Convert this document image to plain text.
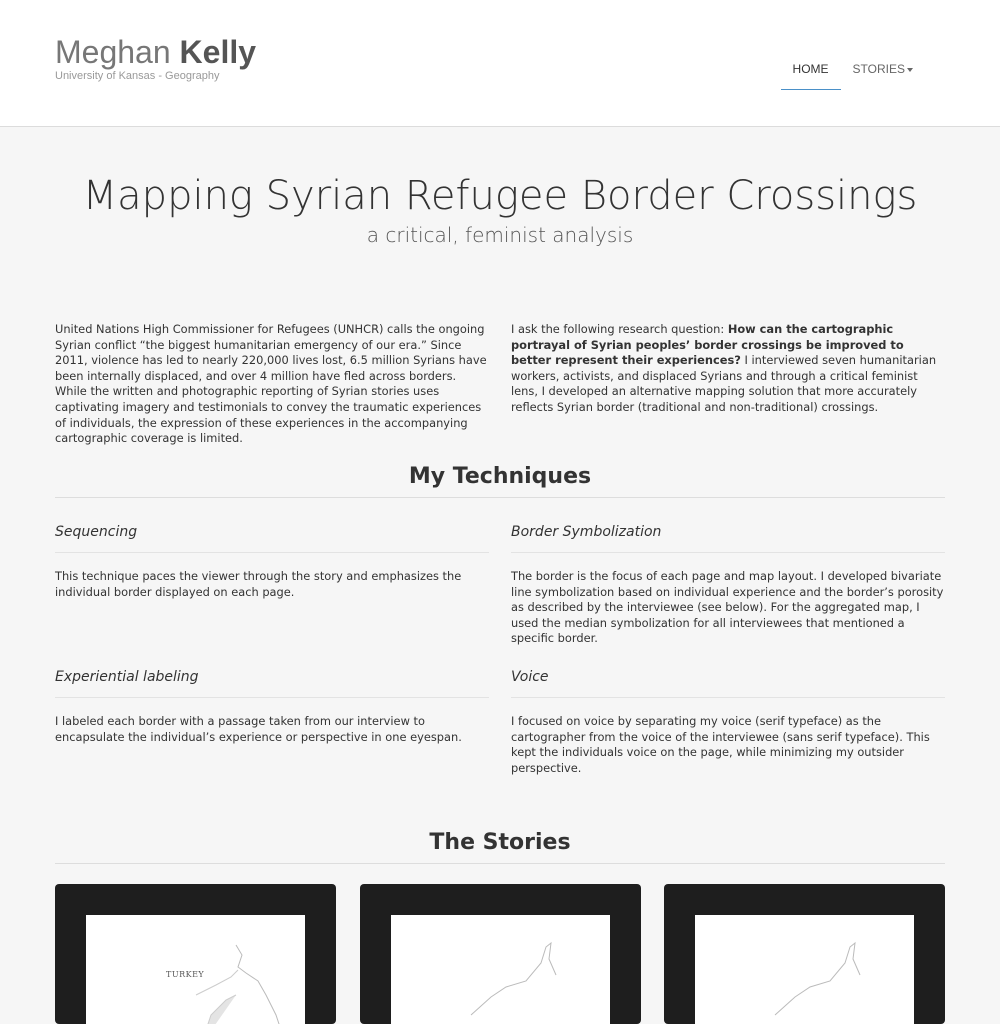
Meghan Kelly
University of Kansas - Geography	HOME	STORIES
Mapping Syrian Refugee Border Crossings
a critical, feminist analysis
United Nations High Commissioner for Refugees (UNHCR) calls the ongoing Syrian conflict “the biggest humanitarian emergency of our era.” Since 2011, violence has led to nearly 220,000 lives lost, 6.5 million Syrians have been internally displaced, and over 4 million have fled across borders. While the written and photographic reporting of Syrian stories uses captivating imagery and testimonials to convey the traumatic experiences of individuals, the expression of these experiences in the accompanying cartographic coverage is limited.
I ask the following research question: How can the cartographic portrayal of Syrian peoples’ border crossings be improved to better represent their experiences? I interviewed seven humanitarian workers, activists, and displaced Syrians and through a critical feminist lens, I developed an alternative mapping solution that more accurately reflects Syrian border (traditional and non-traditional) crossings.
My Techniques
Sequencing

This technique paces the viewer through the story and emphasizes the individual border displayed on each page.

Border Symbolization

The border is the focus of each page and map layout. I developed bivariate line symbolization based on individual experience and the border’s porosity as described by the interviewee (see below). For the aggregated map, I used the median symbolization for all interviewees that mentioned a specific border.

Experiential labeling

I labeled each border with a passage taken from our interview to encapsulate the individual’s experience or perspective in one eyespan.

Voice

I focused on voice by separating my voice (serif typeface) as the cartographer from the voice of the interviewee (sans serif typeface). This kept the individuals voice on the page, while minimizing my outsider perspective.

The Stories
TURKEY
